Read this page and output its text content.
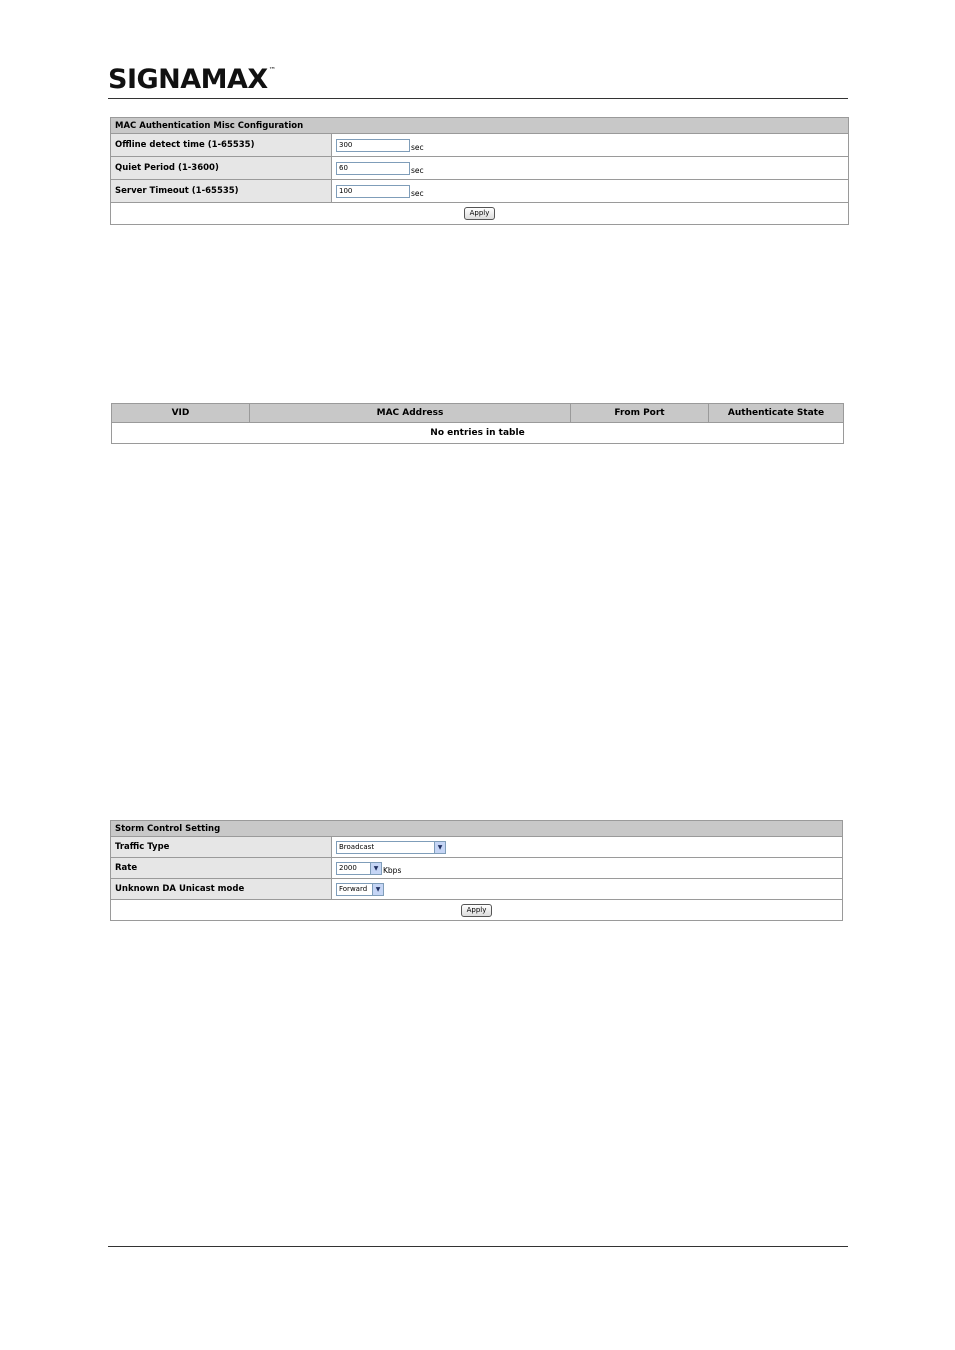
SIGNAMAX™
MAC Authentication Misc Configuration	
Offline detect time (1-65535)	300 sec
Quiet Period (1-3600)	60 sec
Server Timeout (1-65535)	100 sec
Apply	
VID	MAC Address	From Port	Authenticate State
No entries in table
Storm Control Setting	
Traffic Type	Broadcast ▼

Rate	2000 ▼ Kbps
Unknown DA Unicast mode	Forward ▼

Apply	
